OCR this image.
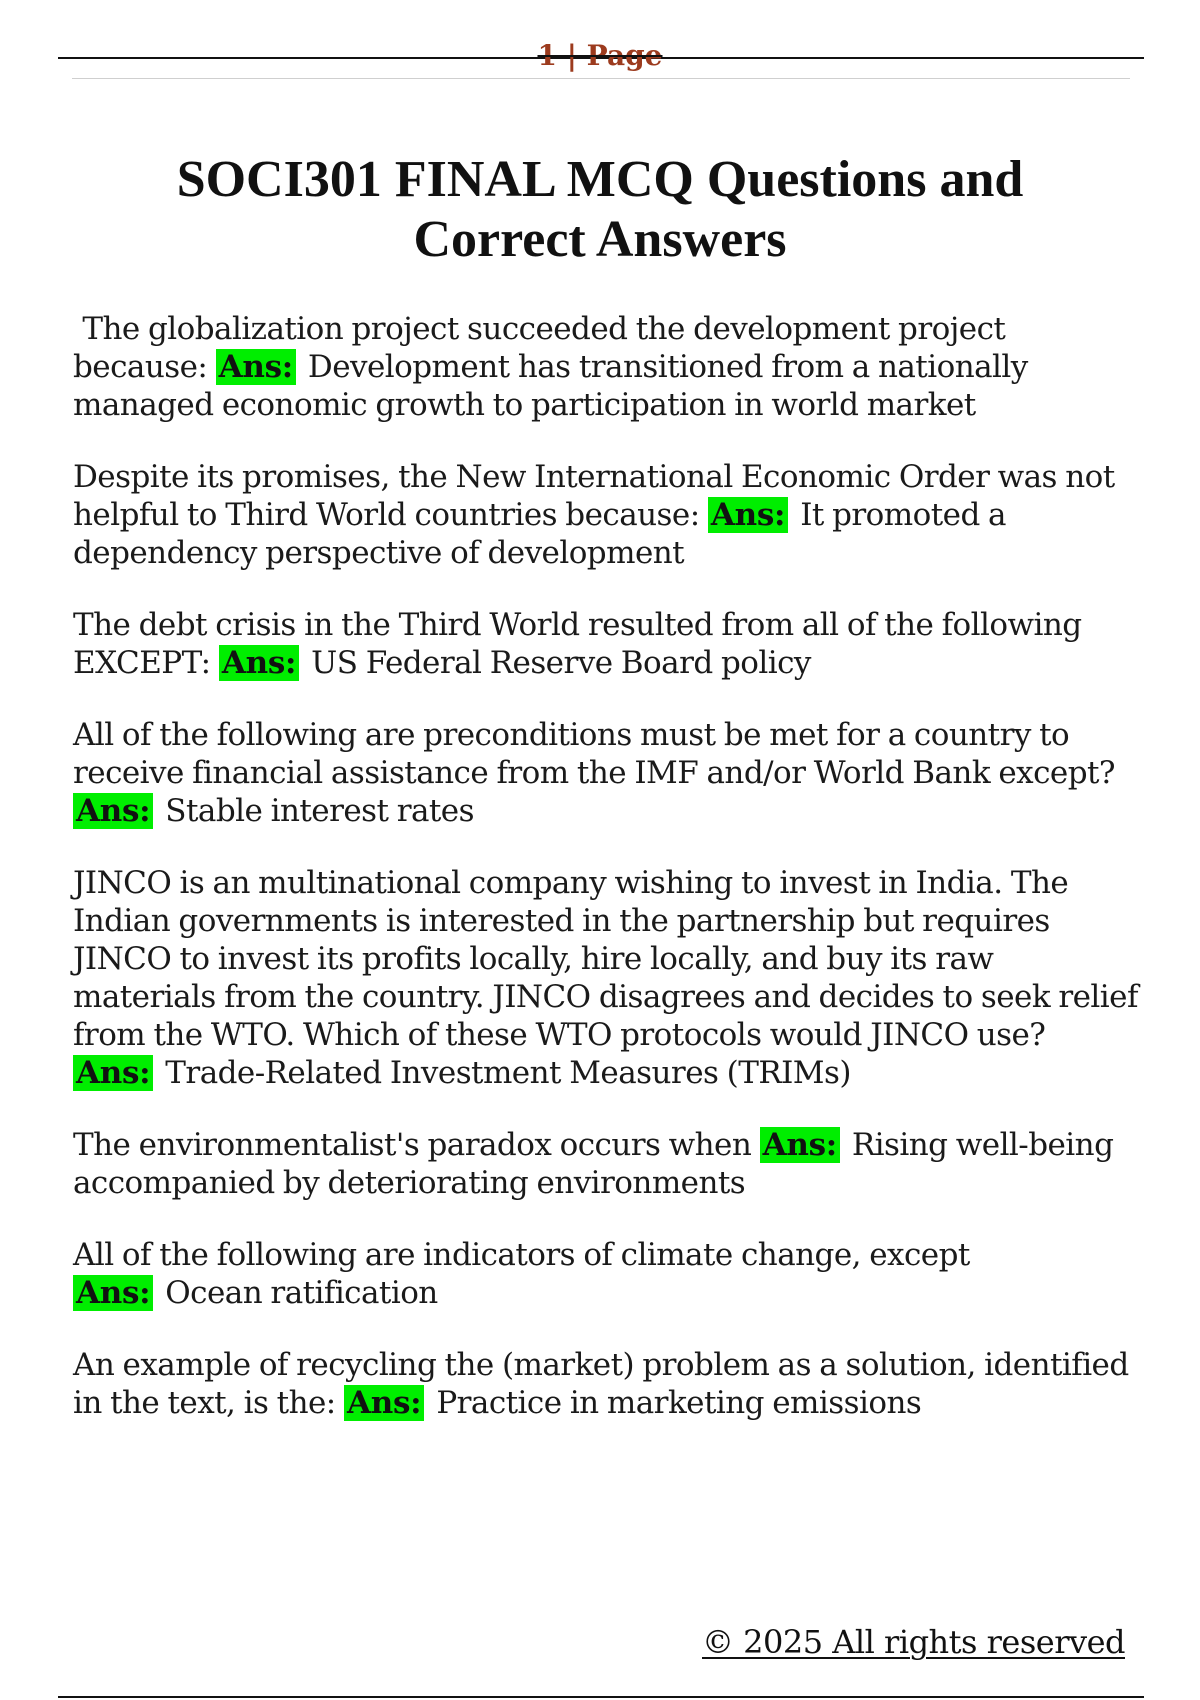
1 | Page
SOCI301 FINAL MCQ Questions and Correct Answers

The globalization project succeeded the development project because: Ans: Development has transitioned from a nationally managed economic growth to participation in world market

Despite its promises, the New International Economic Order was not helpful to Third World countries because: Ans: It promoted a dependency perspective of development

The debt crisis in the Third World resulted from all of the following EXCEPT: Ans: US Federal Reserve Board policy

All of the following are preconditions must be met for a country to receive financial assistance from the IMF and/or World Bank except? Ans: Stable interest rates

JINCO is an multinational company wishing to invest in India. The Indian governments is interested in the partnership but requires JINCO to invest its profits locally, hire locally, and buy its raw materials from the country. JINCO disagrees and decides to seek relief from the WTO. Which of these WTO protocols would JINCO use? Ans: Trade-Related Investment Measures (TRIMs)

The environmentalist's paradox occurs when Ans: Rising well-being accompanied by deteriorating environments

All of the following are indicators of climate change, except Ans: Ocean ratification

An example of recycling the (market) problem as a solution, identified in the text, is the: Ans: Practice in marketing emissions

© 2025 All rights reserved
